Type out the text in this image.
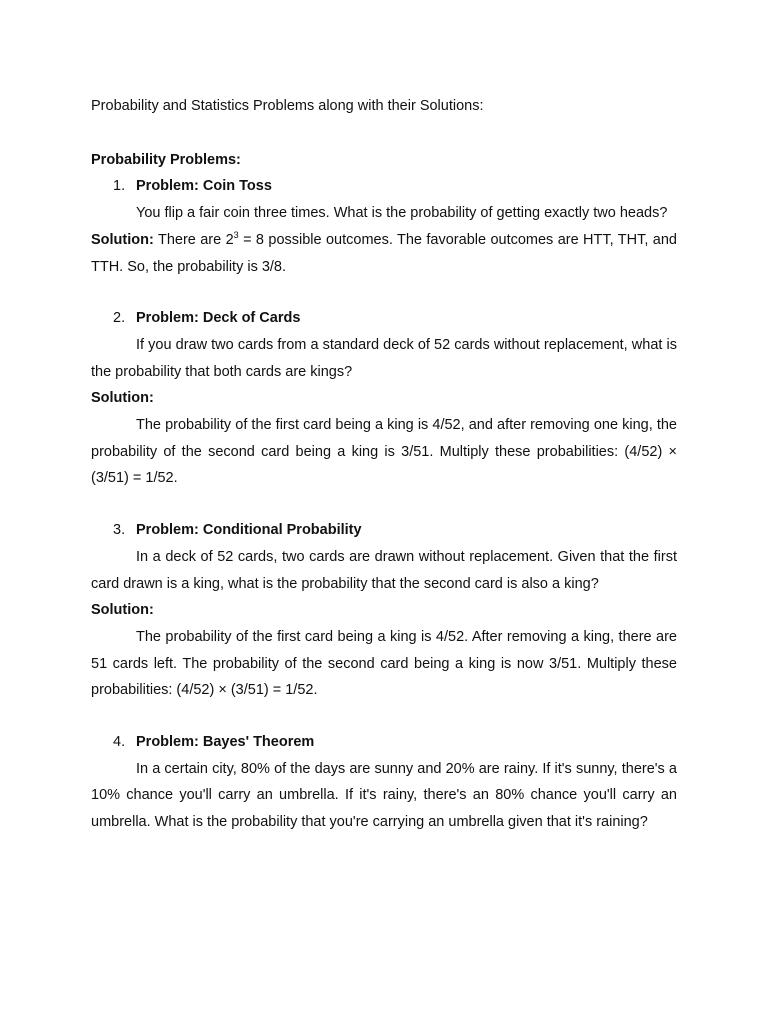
Probability and Statistics Problems along with their Solutions:

Probability Problems:

1. Problem: Coin Toss

You flip a fair coin three times. What is the probability of getting exactly two heads?

Solution: There are $2^3 = 8$ possible outcomes. The favorable outcomes are HTT, THT, and TTH. So, the probability is 3/8.

2. Problem: Deck of Cards

If you draw two cards from a standard deck of 52 cards without replacement, what is the probability that both cards are kings?

Solution:

The probability of the first card being a king is 4/52, and after removing one king, the probability of the second card being a king is 3/51. Multiply these probabilities: (4/52) × (3/51) = 1/52.

3. Problem: Conditional Probability

In a deck of 52 cards, two cards are drawn without replacement. Given that the first card drawn is a king, what is the probability that the second card is also a king?

Solution:

The probability of the first card being a king is 4/52. After removing a king, there are 51 cards left. The probability of the second card being a king is now 3/51. Multiply these probabilities: (4/52) × (3/51) = 1/52.

4. Problem: Bayes' Theorem

In a certain city, 80% of the days are sunny and 20% are rainy. If it's sunny, there's a 10% chance you'll carry an umbrella. If it's rainy, there's an 80% chance you'll carry an umbrella. What is the probability that you're carrying an umbrella given that it's raining?
